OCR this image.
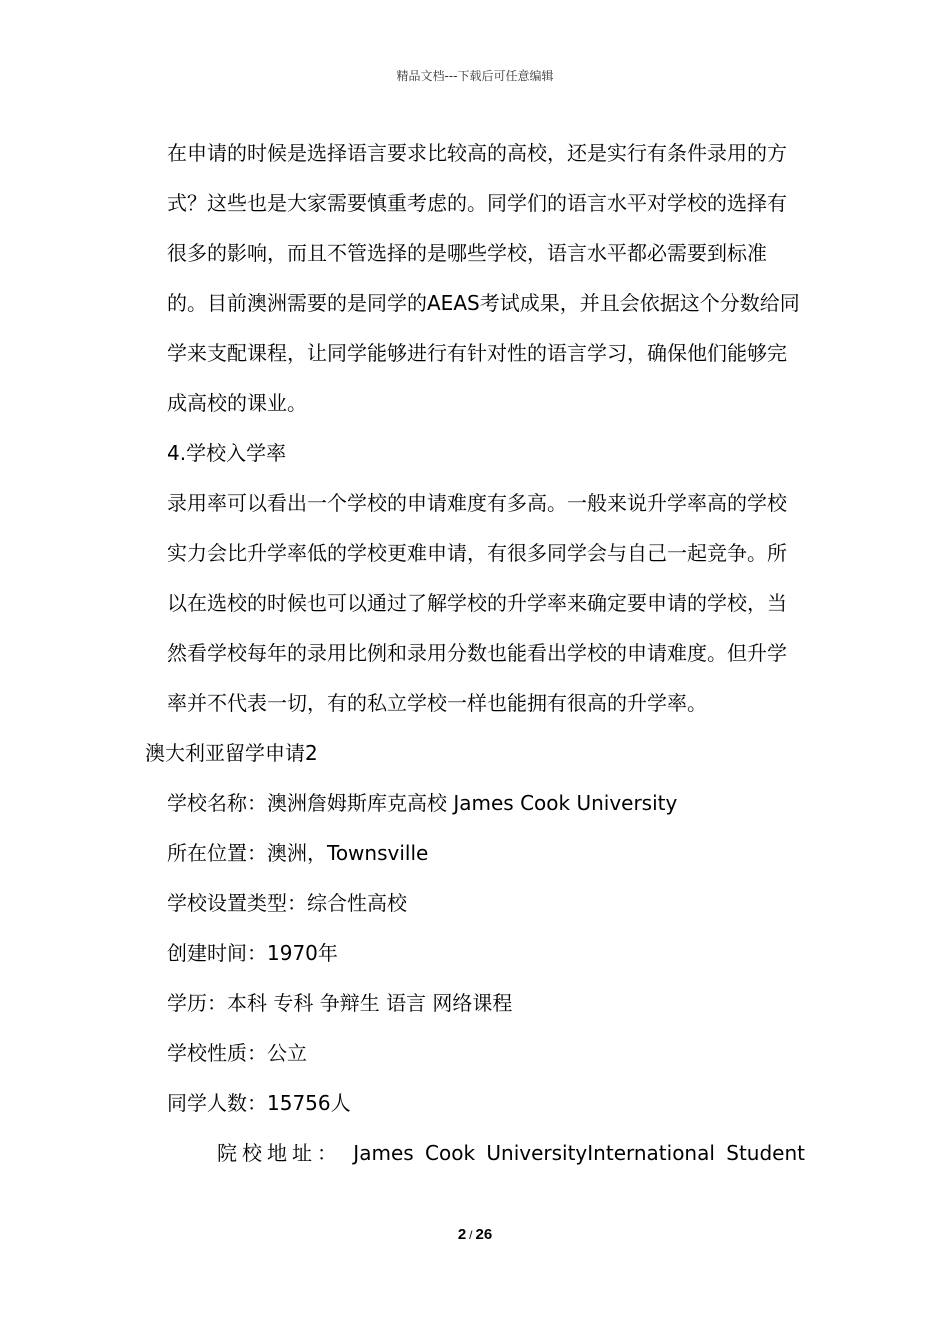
精品文档---下载后可任意编辑

在申请的时候是选择语言要求比较高的高校，还是实行有条件录用的方式？这些也是大家需要慎重考虑的。同学们的语言水平对学校的选择有很多的影响，而且不管选择的是哪些学校，语言水平都必需要到标准的。目前澳洲需要的是同学的AEAS考试成果，并且会依据这个分数给同学来支配课程，让同学能够进行有针对性的语言学习，确保他们能够完成高校的课业。

4.学校入学率

录用率可以看出一个学校的申请难度有多高。一般来说升学率高的学校实力会比升学率低的学校更难申请，有很多同学会与自己一起竞争。所以在选校的时候也可以通过了解学校的升学率来确定要申请的学校，当然看学校每年的录用比例和录用分数也能看出学校的申请难度。但升学率并不代表一切，有的私立学校一样也能拥有很高的升学率。

澳大利亚留学申请2

学校名称：澳洲詹姆斯库克高校 James Cook University

所在位置：澳洲，Townsville

学校设置类型：综合性高校

创建时间：1970年

学历：本科 专科 争辩生 语言 网络课程

学校性质：公立

同学人数：15756人

院校地址： James Cook UniversityInternational Student

2 / 26
